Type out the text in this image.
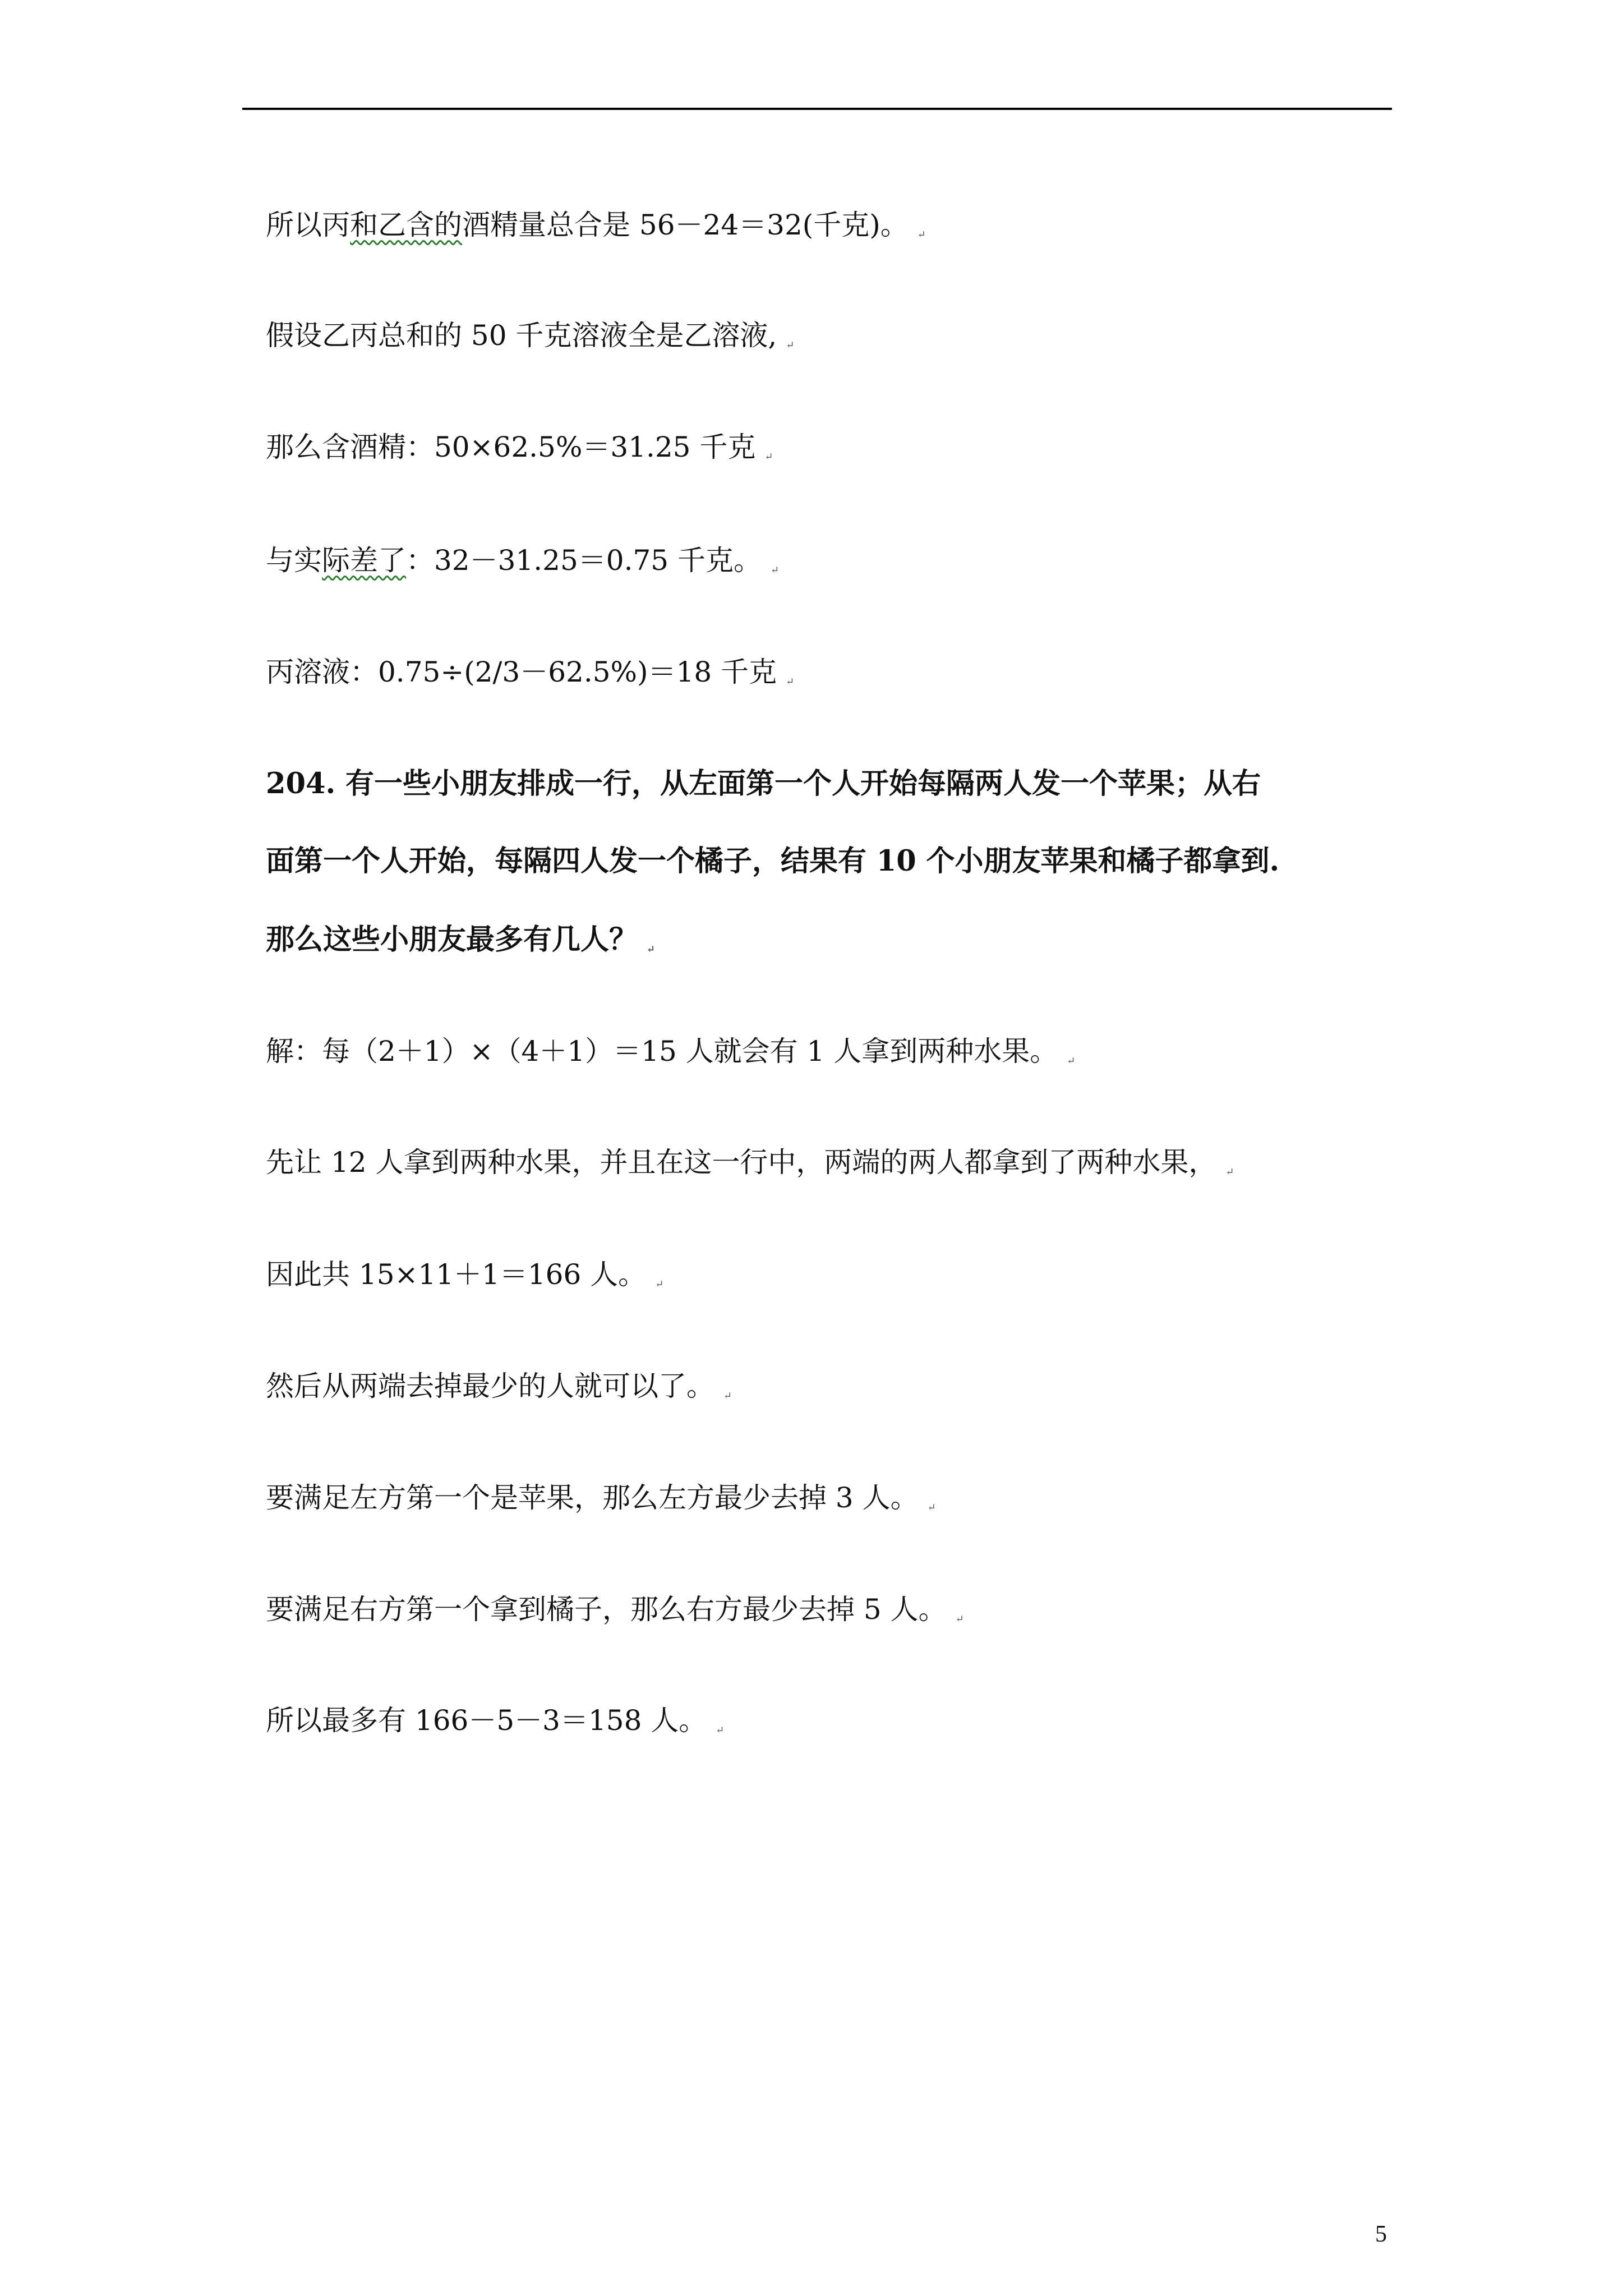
所以丙和乙含的酒精量总合是 56－24＝32(千克)。 ↵
假设乙丙总和的 50 千克溶液全是乙溶液, ↵
那么含酒精：50×62.5%＝31.25 千克 ↵
与实际差了：32－31.25＝0.75 千克。 ↵
丙溶液：0.75÷(2/3－62.5%)＝18 千克 ↵
204. 有一些小朋友排成一行，从左面第一个人开始每隔两人发一个苹果；从右
面第一个人开始，每隔四人发一个橘子，结果有 10 个小朋友苹果和橘子都拿到.
那么这些小朋友最多有几人？ ↵
解：每（2＋1）×（4＋1）＝15 人就会有 1 人拿到两种水果。 ↵
先让 12 人拿到两种水果，并且在这一行中，两端的两人都拿到了两种水果， ↵
因此共 15×11＋1＝166 人。 ↵
然后从两端去掉最少的人就可以了。 ↵
要满足左方第一个是苹果，那么左方最少去掉 3 人。 ↵
要满足右方第一个拿到橘子，那么右方最少去掉 5 人。 ↵
所以最多有 166－5－3＝158 人。 ↵
5
